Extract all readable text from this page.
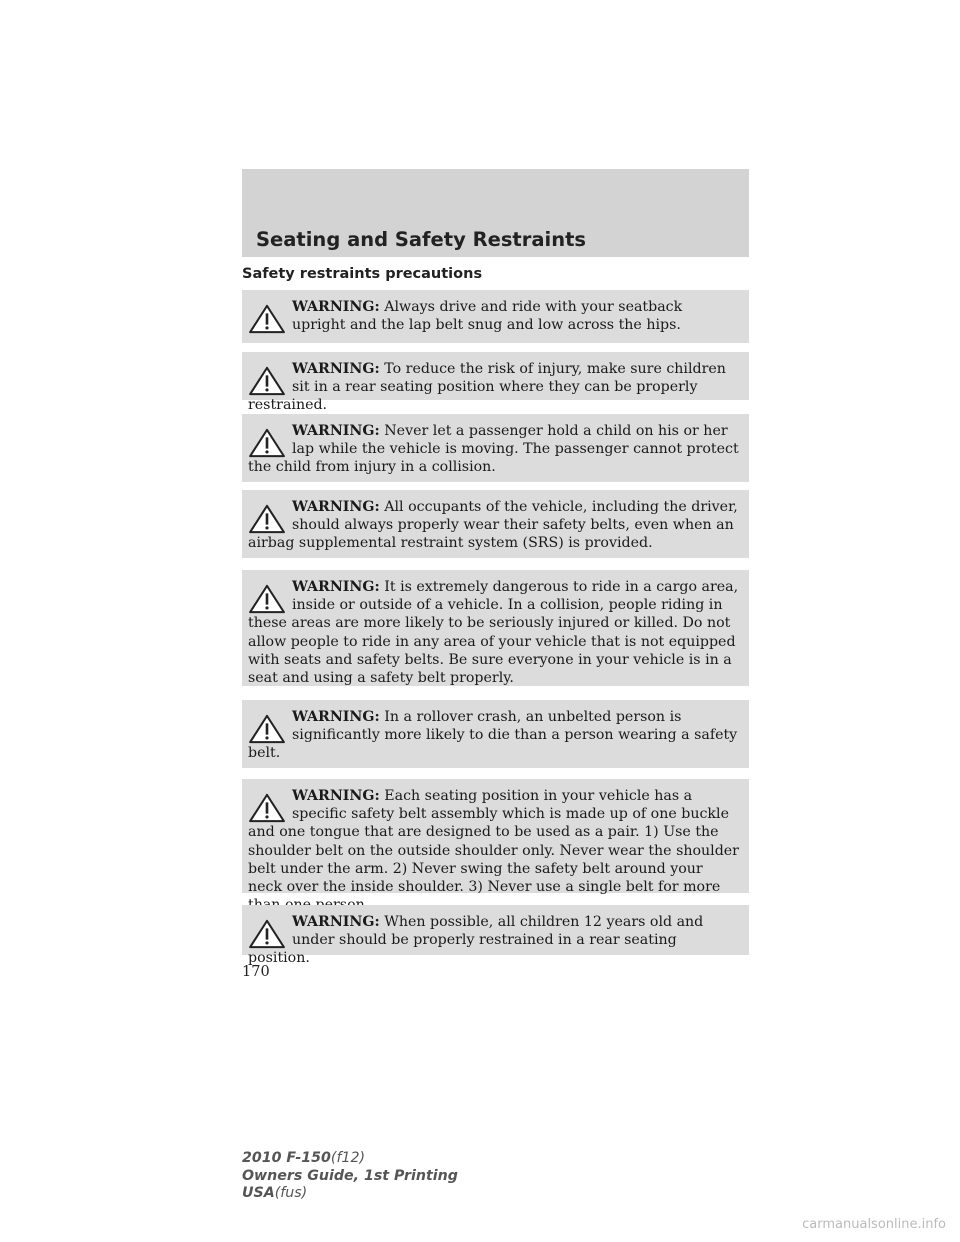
Seating and Safety Restraints
Safety restraints precautions

WARNING: Always drive and ride with your seatback upright and the lap belt snug and low across the hips.

WARNING: To reduce the risk of injury, make sure children sit in a rear seating position where they can be properly restrained.

WARNING: Never let a passenger hold a child on his or her lap while the vehicle is moving. The passenger cannot protect the child from injury in a collision.

WARNING: All occupants of the vehicle, including the driver, should always properly wear their safety belts, even when an airbag supplemental restraint system (SRS) is provided.

WARNING: It is extremely dangerous to ride in a cargo area, inside or outside of a vehicle. In a collision, people riding in these areas are more likely to be seriously injured or killed. Do not allow people to ride in any area of your vehicle that is not equipped with seats and safety belts. Be sure everyone in your vehicle is in a seat and using a safety belt properly.

WARNING: In a rollover crash, an unbelted person is significantly more likely to die than a person wearing a safety belt.

WARNING: Each seating position in your vehicle has a specific safety belt assembly which is made up of one buckle and one tongue that are designed to be used as a pair. 1) Use the shoulder belt on the outside shoulder only. Never wear the shoulder belt under the arm. 2) Never swing the safety belt around your neck over the inside shoulder. 3) Never use a single belt for more

WARNING: When possible, all children 12 years old and under should be properly restrained in a rear seating position.

170

2010 F-150(f12)
Owners Guide, 1st Printing
USA(fus)
carmanualsonline.info
